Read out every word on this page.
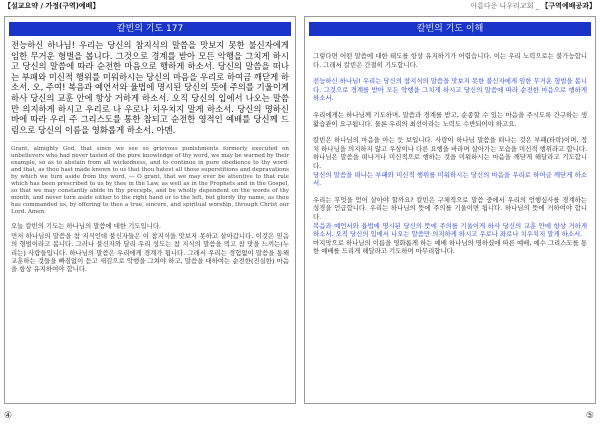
【설교요약 / 가정(구역)예배】	아름다운 나우리교회 _ 【구역예배공과】
칼빈의 기도 177

전능하신 하나님! 우리는 당신의 참지식의 말씀을 맛보지 못한 불신자에게 임한 무거운 형벌을 봅니다. 그것으로 경계를 받아 모든 악행을 그치게 하시고 당신의 말씀에 따라 순전한 마음으로 행하게 하소서. 당신의 말씀을 떠나는 부패와 미신적 행위를 미워하시는 당신의 마음을 우리로 하여금 깨닫게 하소서. 오, 주여! 복음과 예언서와 율법에 명시된 당신의 뜻에 주의를 기울이게 하사 당신의 교훈 안에 항상 거하게 하소서. 오직 당신의 입에서 나오는 말씀만 의지하게 하시고 우리로 나 우로나 치우치지 말게 하소서. 당신의 명하신 바에 따라 우리 주 그리스도를 통한 참되고 순전한 영적인 예배를 당신께 드림으로 당신의 이름을 영화롭게 하소서. 아멘.

Grant, almighty God, that since we see so grievous punishments formerly executed on unbelievers who had never tasted of the pure knowledge of thy word, we may be warned by their example, so as to abstain from all wickedness, and to continue in pure obedience to thy word: and that, as thou hast made known to us that thou hatest all those superstitions and depravations by which we turn aside from thy word, — O grant, that we may ever be attentive to that rule which has been prescribed to us by thee in the Law, as well as in the Prophets and in the Gospel, so that we may constantly abide in thy precepts, and be wholly dependent on the words of thy month, and never turn aside either to the right hand or to the left, but glorify thy name, as thou has commanded us, by offering to thee a true, sincere, and spiritual worship, through Christ our Lord. Amen.

오늘 칼빈의 기도는 하나님의 말씀에 대한 기도입니다.

먼저 하나님의 말씀을 참 지식인데 불신자들은 이 참지식을 맛보지 못하고 살아갑니다. 이것은 믿음의 형벌이라고 봅니다. 그러나 불신자와 달리 우리 성도는 참 지식의 말씀을 먹고 참 맛을 느끼는(누리는) 사람들입니다. 하나님의 말씀은 우리에게 경계가 됩니다. 그래서 우리는 경험없이 말씀을 통해 교훈하는 것들을 빠짐없이 듣고 새김으로 악행을 그쳐야 하고, 말씀을 대하여는 순전한(진실한) 마음을 항상 유지하여야 합니다.

칼빈의 기도 이해

그렇다면 어떤 말씀에 대한 태도를 항상 유지하기가 어렵습니다. 이는 우리 노력으로는 불가능합니다. 그래서 칼빈은 간절히 기도합니다.

전능하신 하나님! 우리는 당신의 참지식의 말씀을 맛보지 못한 불신자에게 임한 무거운 형벌을 봅니다. 그것으로 경계를 받아 모든 악행을 그치게 하시고 당신의 말씀에 따라 순전한 마음으로 행하게 하소서.

우리에게는 하나님께 기도하며, 말씀과 경계를 받고, 순종할 수 있는 마음을 주시도록 간구하는 생활습관이 요구됩니다. 물론 우리의 최선이라는 노력도 수반되어야 하고요.

칼빈은 하나님의 마음을 아는 듯 보입니다. 사랑이 하나님 말씀을 떠나는 것은 부패(타락)이며, 정치 하나님을 의지하지 않고 우상이나 다른 요행을 바라며 살아가는 모습을 미신적 행위라고 합니다. 하나님은 말씀을 떠나거나 미신적으로 행하는 것을 미워하시는 마음을 깨닫게 해달라고 기도합니다.

당신의 말씀을 떠나는 부패와 미신적 행위를 미워하시는 당신의 마음을 우리로 하여금 깨닫게 하소서.

우리는 무엇을 얻어 살아야 할까요? 칼빈은 구체적으로 말씀 중에서 우리의 언행심사를 경계하는 성경을 언급합니다. 우리는 하나님의 뜻에 주의를 기울이면 됩니다. 하나님의 뜻에 거하여야 합니다.

복음과 예언서와 율법에 명시된 당신의 뜻에 주의를 기울이게 하사 당신의 교훈 안에 항상 거하게 하소서. 오직 당신의 입에서 나오는 말씀만 의지하게 하시고 우로나 좌로나 치우치지 말게 하소서.

마지막으로 하나님의 이름을 영화롭게 하는 예배 하나님의 명하셨에 따른 예배, 예수 그리스도를 통한 예배를 드리게 해달라고 기도하며 마무리합니다.

④	⑤
